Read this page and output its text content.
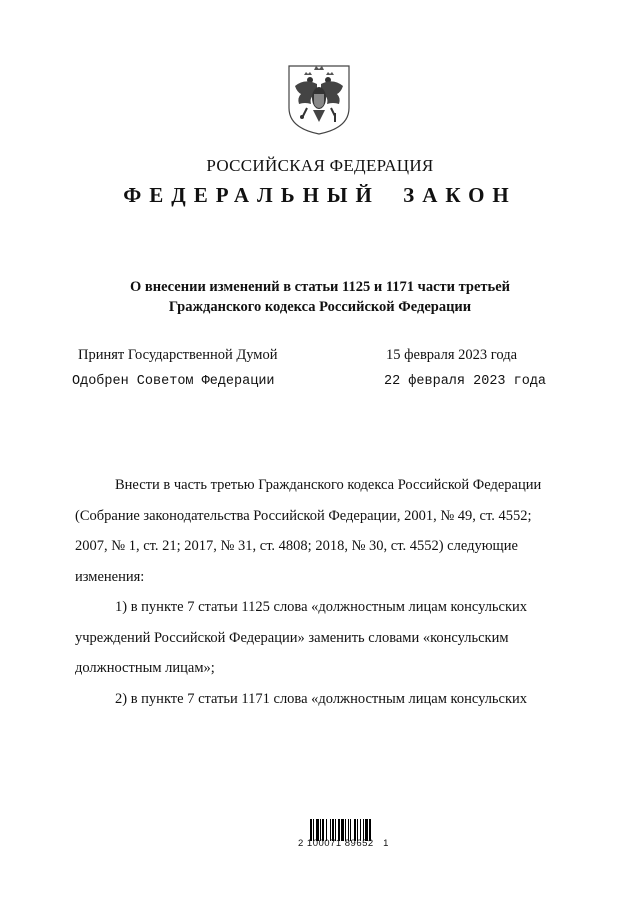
РОССИЙСКАЯ ФЕДЕРАЦИЯ
ФЕДЕРАЛЬНЫЙ ЗАКОН
О внесении изменений в статьи 1125 и 1171 части третьей
Гражданского кодекса Российской Федерации
Принят Государственной Думой	15 февраля 2023 года
Одобрен Советом Федерации	22 февраля 2023 года

Внести в часть третью Гражданского кодекса Российской Федерации

(Собрание законодательства Российской Федерации, 2001, № 49, ст. 4552;

2007, № 1, ст. 21; 2017, № 31, ст. 4808; 2018, № 30, ст. 4552) следующие

изменения:

1) в пункте 7 статьи 1125 слова «должностным лицам консульских

учреждений Российской Федерации» заменить словами «консульским

должностным лицам»;

2) в пункте 7 статьи 1171 слова «должностным лицам консульских

2 100071 89652   1
